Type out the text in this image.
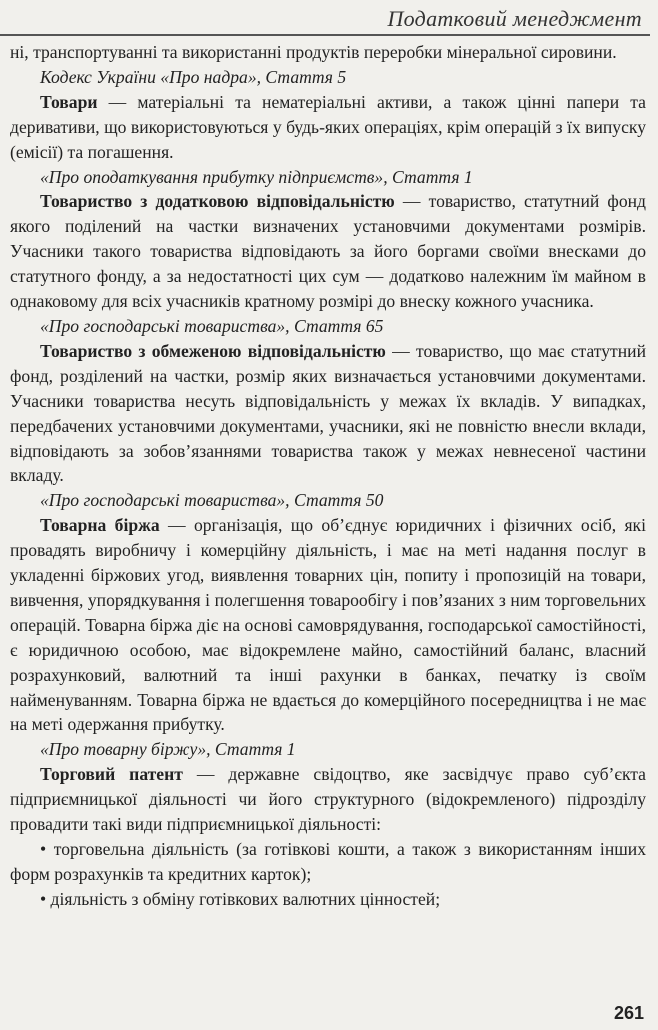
Податковий менеджмент

ні, транспортуванні та використанні продуктів переробки мінеральної сировини.

Кодекс України «Про надра», Стаття 5

Товари — матеріальні та нематеріальні активи, а також цінні папери та деривативи, що використовуються у будь-яких операціях, крім операцій з їх випуску (емісії) та погашення.

«Про оподаткування прибутку підприємств», Стаття 1

Товариство з додатковою відповідальністю — товариство, статутний фонд якого поділений на частки визначених установчими документами розмірів. Учасники такого товариства відповідають за його боргами своїми внесками до статутного фонду, а за недостатності цих сум — додатково належним їм майном в однаковому для всіх учасників кратному розмірі до внеску кожного учасника.

«Про господарські товариства», Стаття 65

Товариство з обмеженою відповідальністю — товариство, що має статутний фонд, розділений на частки, розмір яких визначається установчими документами. Учасники товариства несуть відповідальність у межах їх вкладів. У випадках, передбачених установчими документами, учасники, які не повністю внесли вклади, відповідають за зобов’язаннями товариства також у межах невнесеної частини вкладу.

«Про господарські товариства», Стаття 50

Товарна біржа — організація, що об’єднує юридичних і фізичних осіб, які провадять виробничу і комерційну діяльність, і має на меті надання послуг в укладенні біржових угод, виявлення товарних цін, попиту і пропозицій на товари, вивчення, упорядкування і полегшення товарообігу і пов’язаних з ним торговельних операцій. Товарна біржа діє на основі самоврядування, господарської самостійності, є юридичною особою, має відокремлене майно, самостійний баланс, власний розрахунковий, валютний та інші рахунки в банках, печатку із своїм найменуванням. Товарна біржа не вдається до комерційного посередництва і не має на меті одержання прибутку.

«Про товарну біржу», Стаття 1

Торговий патент — державне свідоцтво, яке засвідчує право суб’єкта підприємницької діяльності чи його структурного (відокремленого) підрозділу провадити такі види підприємницької діяльності:

• торговельна діяльність (за готівкові кошти, а також з використанням інших форм розрахунків та кредитних карток);

• діяльність з обміну готівкових валютних цінностей;

261
